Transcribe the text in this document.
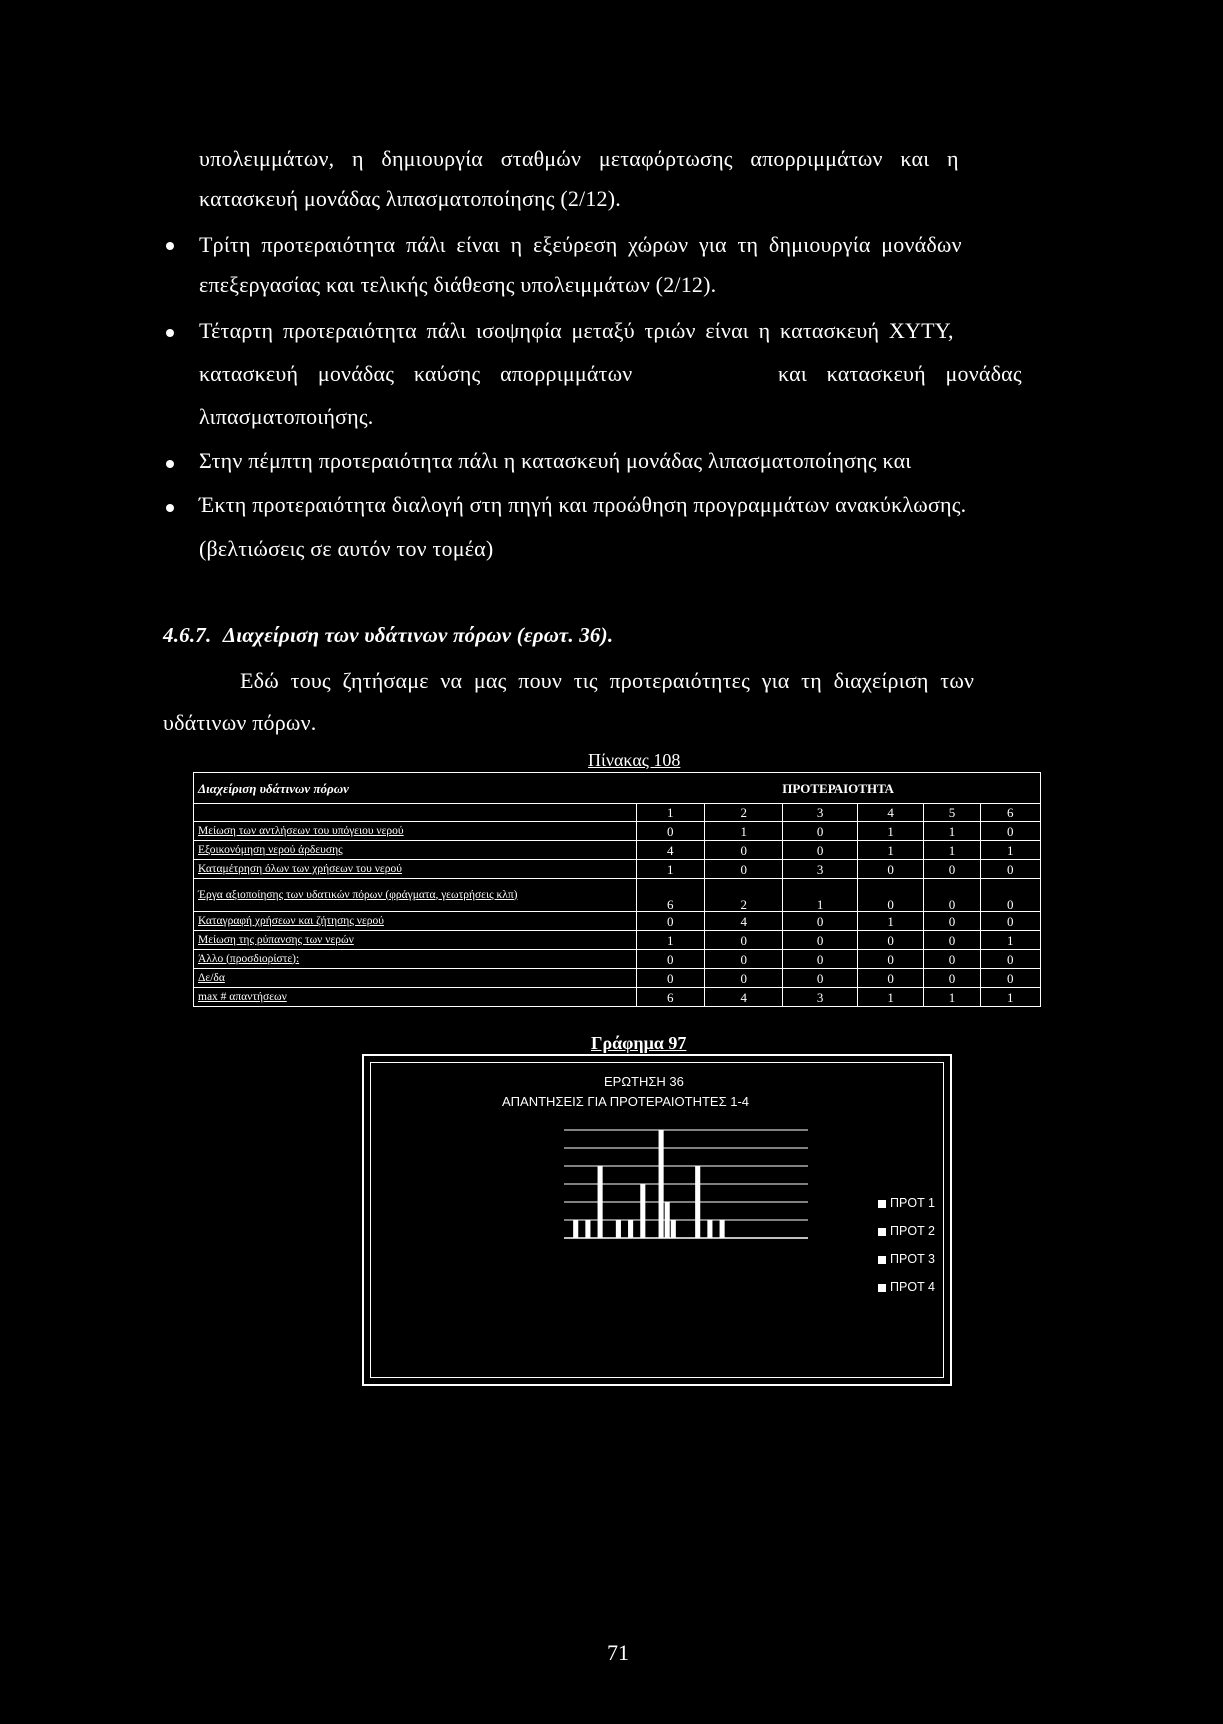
υπολειμμάτων, η δημιουργία σταθμών μεταφόρτωσης απορριμμάτων και η
κατασκευή μονάδας λιπασματοποίησης (2/12).
Τρίτη προτεραιότητα πάλι είναι η εξεύρεση χώρων για τη δημιουργία μονάδων
επεξεργασίας και τελικής διάθεσης υπολειμμάτων (2/12).
Τέταρτη προτεραιότητα πάλι ισοψηφία μεταξύ τριών είναι η κατασκευή ΧΥΤΥ,
κατασκευή μονάδας καύσης απορριμμάτων	και κατασκευή μονάδας
λιπασματοποιήσης.
Στην πέμπτη προτεραιότητα πάλι η κατασκευή μονάδας λιπασματοποίησης και
Έκτη προτεραιότητα διαλογή στη πηγή και προώθηση προγραμμάτων ανακύκλωσης.
(βελτιώσεις σε αυτόν τον τομέα)
4.6.7. Διαχείριση των υδάτινων πόρων (ερωτ. 36).
Εδώ τους ζητήσαμε να μας πουν τις προτεραιότητες για τη διαχείριση των
υδάτινων πόρων.
Πίνακας 108
Διαχείριση υδάτινων πόρων	ΠΡΟΤΕΡΑΙΟΤΗΤΑ					
	1	2	3	4	5	6
Μείωση των αντλήσεων του υπόγειου νερού	0	1	0	1	1	0
Εξοικονόμηση νερού άρδευσης	4	0	0	1	1	1
Καταμέτρηση όλων των χρήσεων του νερού	1	0	3	0	0	0
Έργα αξιοποίησης των υδατικών πόρων (φράγματα, γεωτρήσεις κλπ)	6	2	1	0	0	0
Καταγραφή χρήσεων και ζήτησης νερού	0	4	0	1	0	0
Μείωση της ρύπανσης των νερών	1	0	0	0	0	1
Άλλο (προσδιορίστε):	0	0	0	0	0	0
Δε/δα	0	0	0	0	0	0
max # απαντήσεων	6	4	3	1	1	1
Γράφημα 97
ΕΡΩΤΗΣΗ 36
ΑΠΑΝΤΗΣΕΙΣ ΓΙΑ ΠΡΟΤΕΡΑΙΟΤΗΤΕΣ 1-4
ΠΡΟΤ 1
ΠΡΟΤ 2
ΠΡΟΤ 3
ΠΡΟΤ 4
71
